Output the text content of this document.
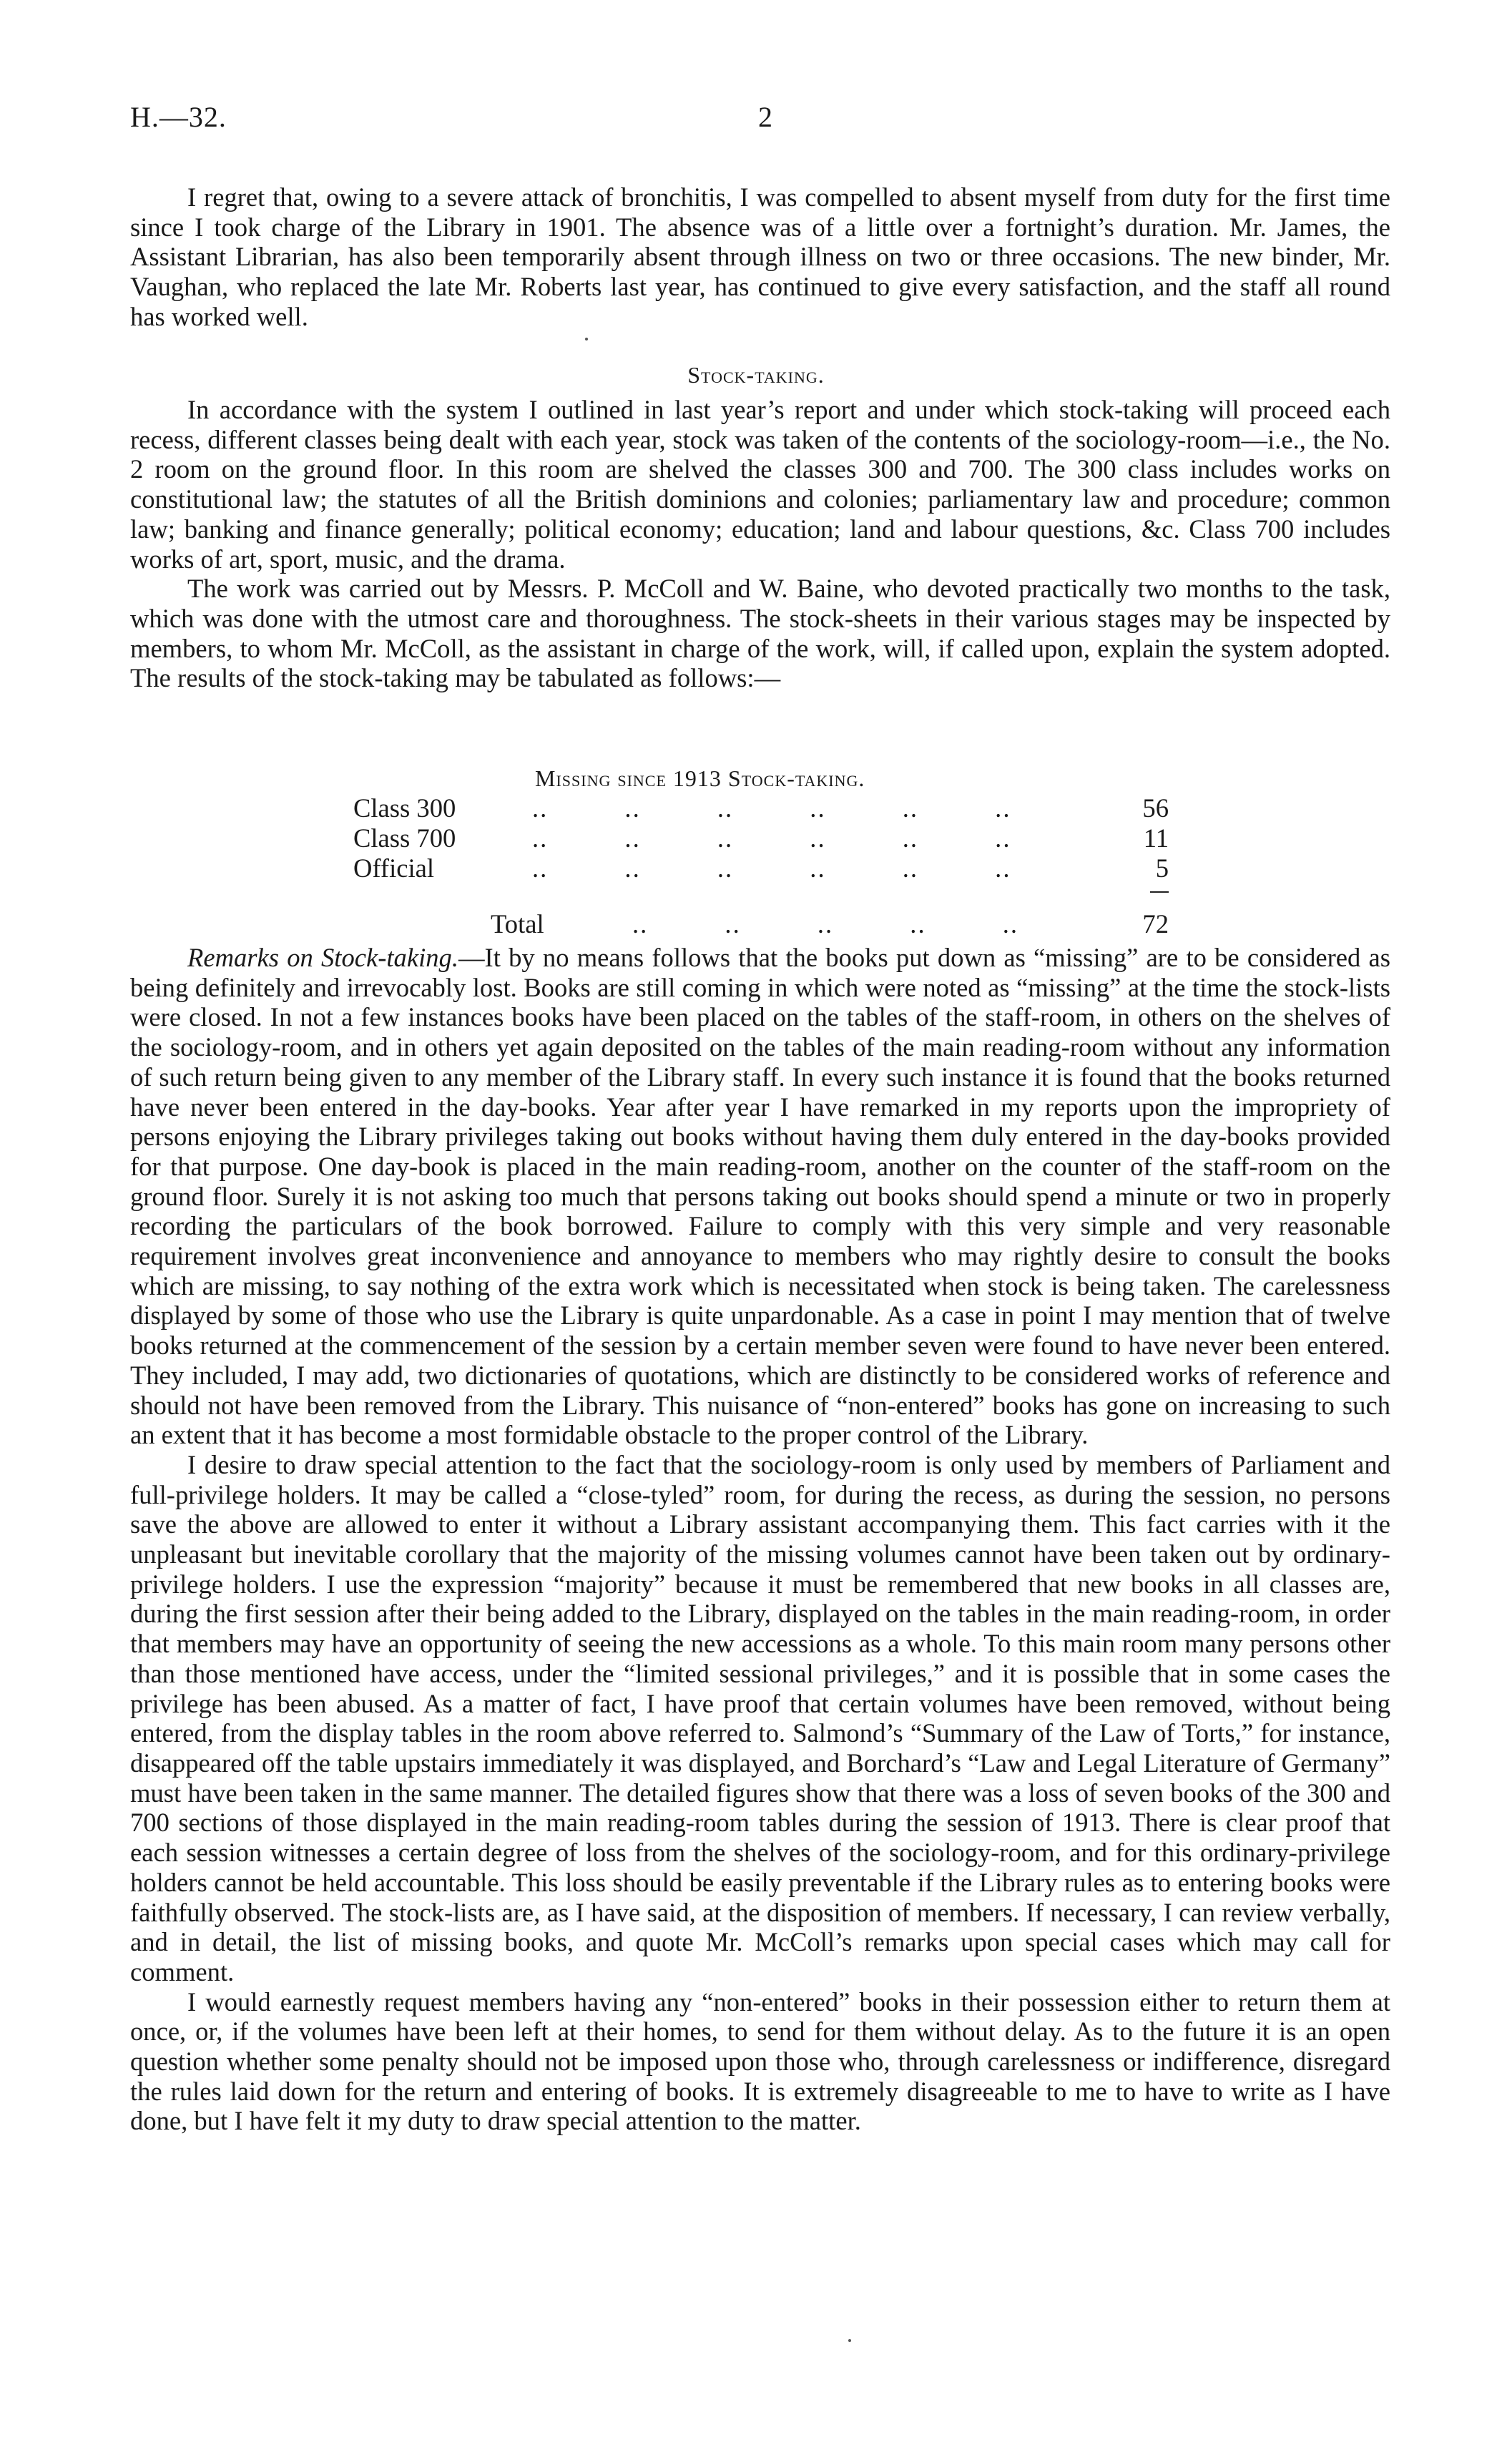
H.—32.	2

I regret that, owing to a severe attack of bronchitis, I was compelled to absent myself from duty for the first time since I took charge of the Library in 1901. The absence was of a little over a fortnight’s duration. Mr. James, the Assistant Librarian, has also been temporarily absent through illness on two or three occasions. The new binder, Mr. Vaughan, who replaced the late Mr. Roberts last year, has continued to give every satisfaction, and the staff all round has worked well.

Stock-taking.

In accordance with the system I outlined in last year’s report and under which stock-taking will proceed each recess, different classes being dealt with each year, stock was taken of the contents of the sociology-room—i.e., the No. 2 room on the ground floor. In this room are shelved the classes 300 and 700. The 300 class includes works on constitutional law; the statutes of all the British dominions and colonies; parliamentary law and procedure; common law; banking and finance generally; political economy; education; land and labour questions, &c. Class 700 includes works of art, sport, music, and the drama.

The work was carried out by Messrs. P. McColl and W. Baine, who devoted practically two months to the task, which was done with the utmost care and thoroughness. The stock-sheets in their various stages may be inspected by members, to whom Mr. McColl, as the assistant in charge of the work, will, if called upon, explain the system adopted. The results of the stock-taking may be tabulated as follows:—

Missing since 1913 Stock-taking.
Class 300	.. .. .. .. .. ..	56
Class 700	.. .. .. .. .. ..	11
Official	.. .. .. .. .. ..	5
Total	.. .. .. .. ..	72

Remarks on Stock-taking.—It by no means follows that the books put down as “missing” are to be considered as being definitely and irrevocably lost. Books are still coming in which were noted as “missing” at the time the stock-lists were closed. In not a few instances books have been placed on the tables of the staff-room, in others on the shelves of the sociology-room, and in others yet again deposited on the tables of the main reading-room without any information of such return being given to any member of the Library staff. In every such instance it is found that the books returned have never been entered in the day-books. Year after year I have remarked in my reports upon the impropriety of persons enjoying the Library privileges taking out books without having them duly entered in the day-books provided for that purpose. One day-book is placed in the main reading-room, another on the counter of the staff-room on the ground floor. Surely it is not asking too much that persons taking out books should spend a minute or two in properly recording the particulars of the book borrowed. Failure to comply with this very simple and very reasonable requirement involves great inconvenience and annoyance to members who may rightly desire to consult the books which are missing, to say nothing of the extra work which is necessitated when stock is being taken. The carelessness displayed by some of those who use the Library is quite unpardonable. As a case in point I may mention that of twelve books returned at the commencement of the session by a certain member seven were found to have never been entered. They included, I may add, two dictionaries of quotations, which are distinctly to be considered works of reference and should not have been removed from the Library. This nuisance of “non-entered” books has gone on increasing to such an extent that it has become a most formidable obstacle to the proper control of the Library.

I desire to draw special attention to the fact that the sociology-room is only used by members of Parliament and full-privilege holders. It may be called a “close-tyled” room, for during the recess, as during the session, no persons save the above are allowed to enter it without a Library assistant accompanying them. This fact carries with it the unpleasant but inevitable corollary that the majority of the missing volumes cannot have been taken out by ordinary-privilege holders. I use the expression “majority” because it must be remembered that new books in all classes are, during the first session after their being added to the Library, displayed on the tables in the main reading-room, in order that members may have an opportunity of seeing the new accessions as a whole. To this main room many persons other than those mentioned have access, under the “limited sessional privileges,” and it is possible that in some cases the privilege has been abused. As a matter of fact, I have proof that certain volumes have been removed, without being entered, from the display tables in the room above referred to. Salmond’s “Summary of the Law of Torts,” for instance, disappeared off the table upstairs immediately it was displayed, and Borchard’s “Law and Legal Literature of Germany” must have been taken in the same manner. The detailed figures show that there was a loss of seven books of the 300 and 700 sections of those displayed in the main reading-room tables during the session of 1913. There is clear proof that each session witnesses a certain degree of loss from the shelves of the sociology-room, and for this ordinary-privilege holders cannot be held accountable. This loss should be easily preventable if the Library rules as to entering books were faithfully observed. The stock-lists are, as I have said, at the disposition of members. If necessary, I can review verbally, and in detail, the list of missing books, and quote Mr. McColl’s remarks upon special cases which may call for comment.

I would earnestly request members having any “non-entered” books in their possession either to return them at once, or, if the volumes have been left at their homes, to send for them without delay. As to the future it is an open question whether some penalty should not be imposed upon those who, through carelessness or indifference, disregard the rules laid down for the return and entering of books. It is extremely disagreeable to me to have to write as I have done, but I have felt it my duty to draw special attention to the matter.
